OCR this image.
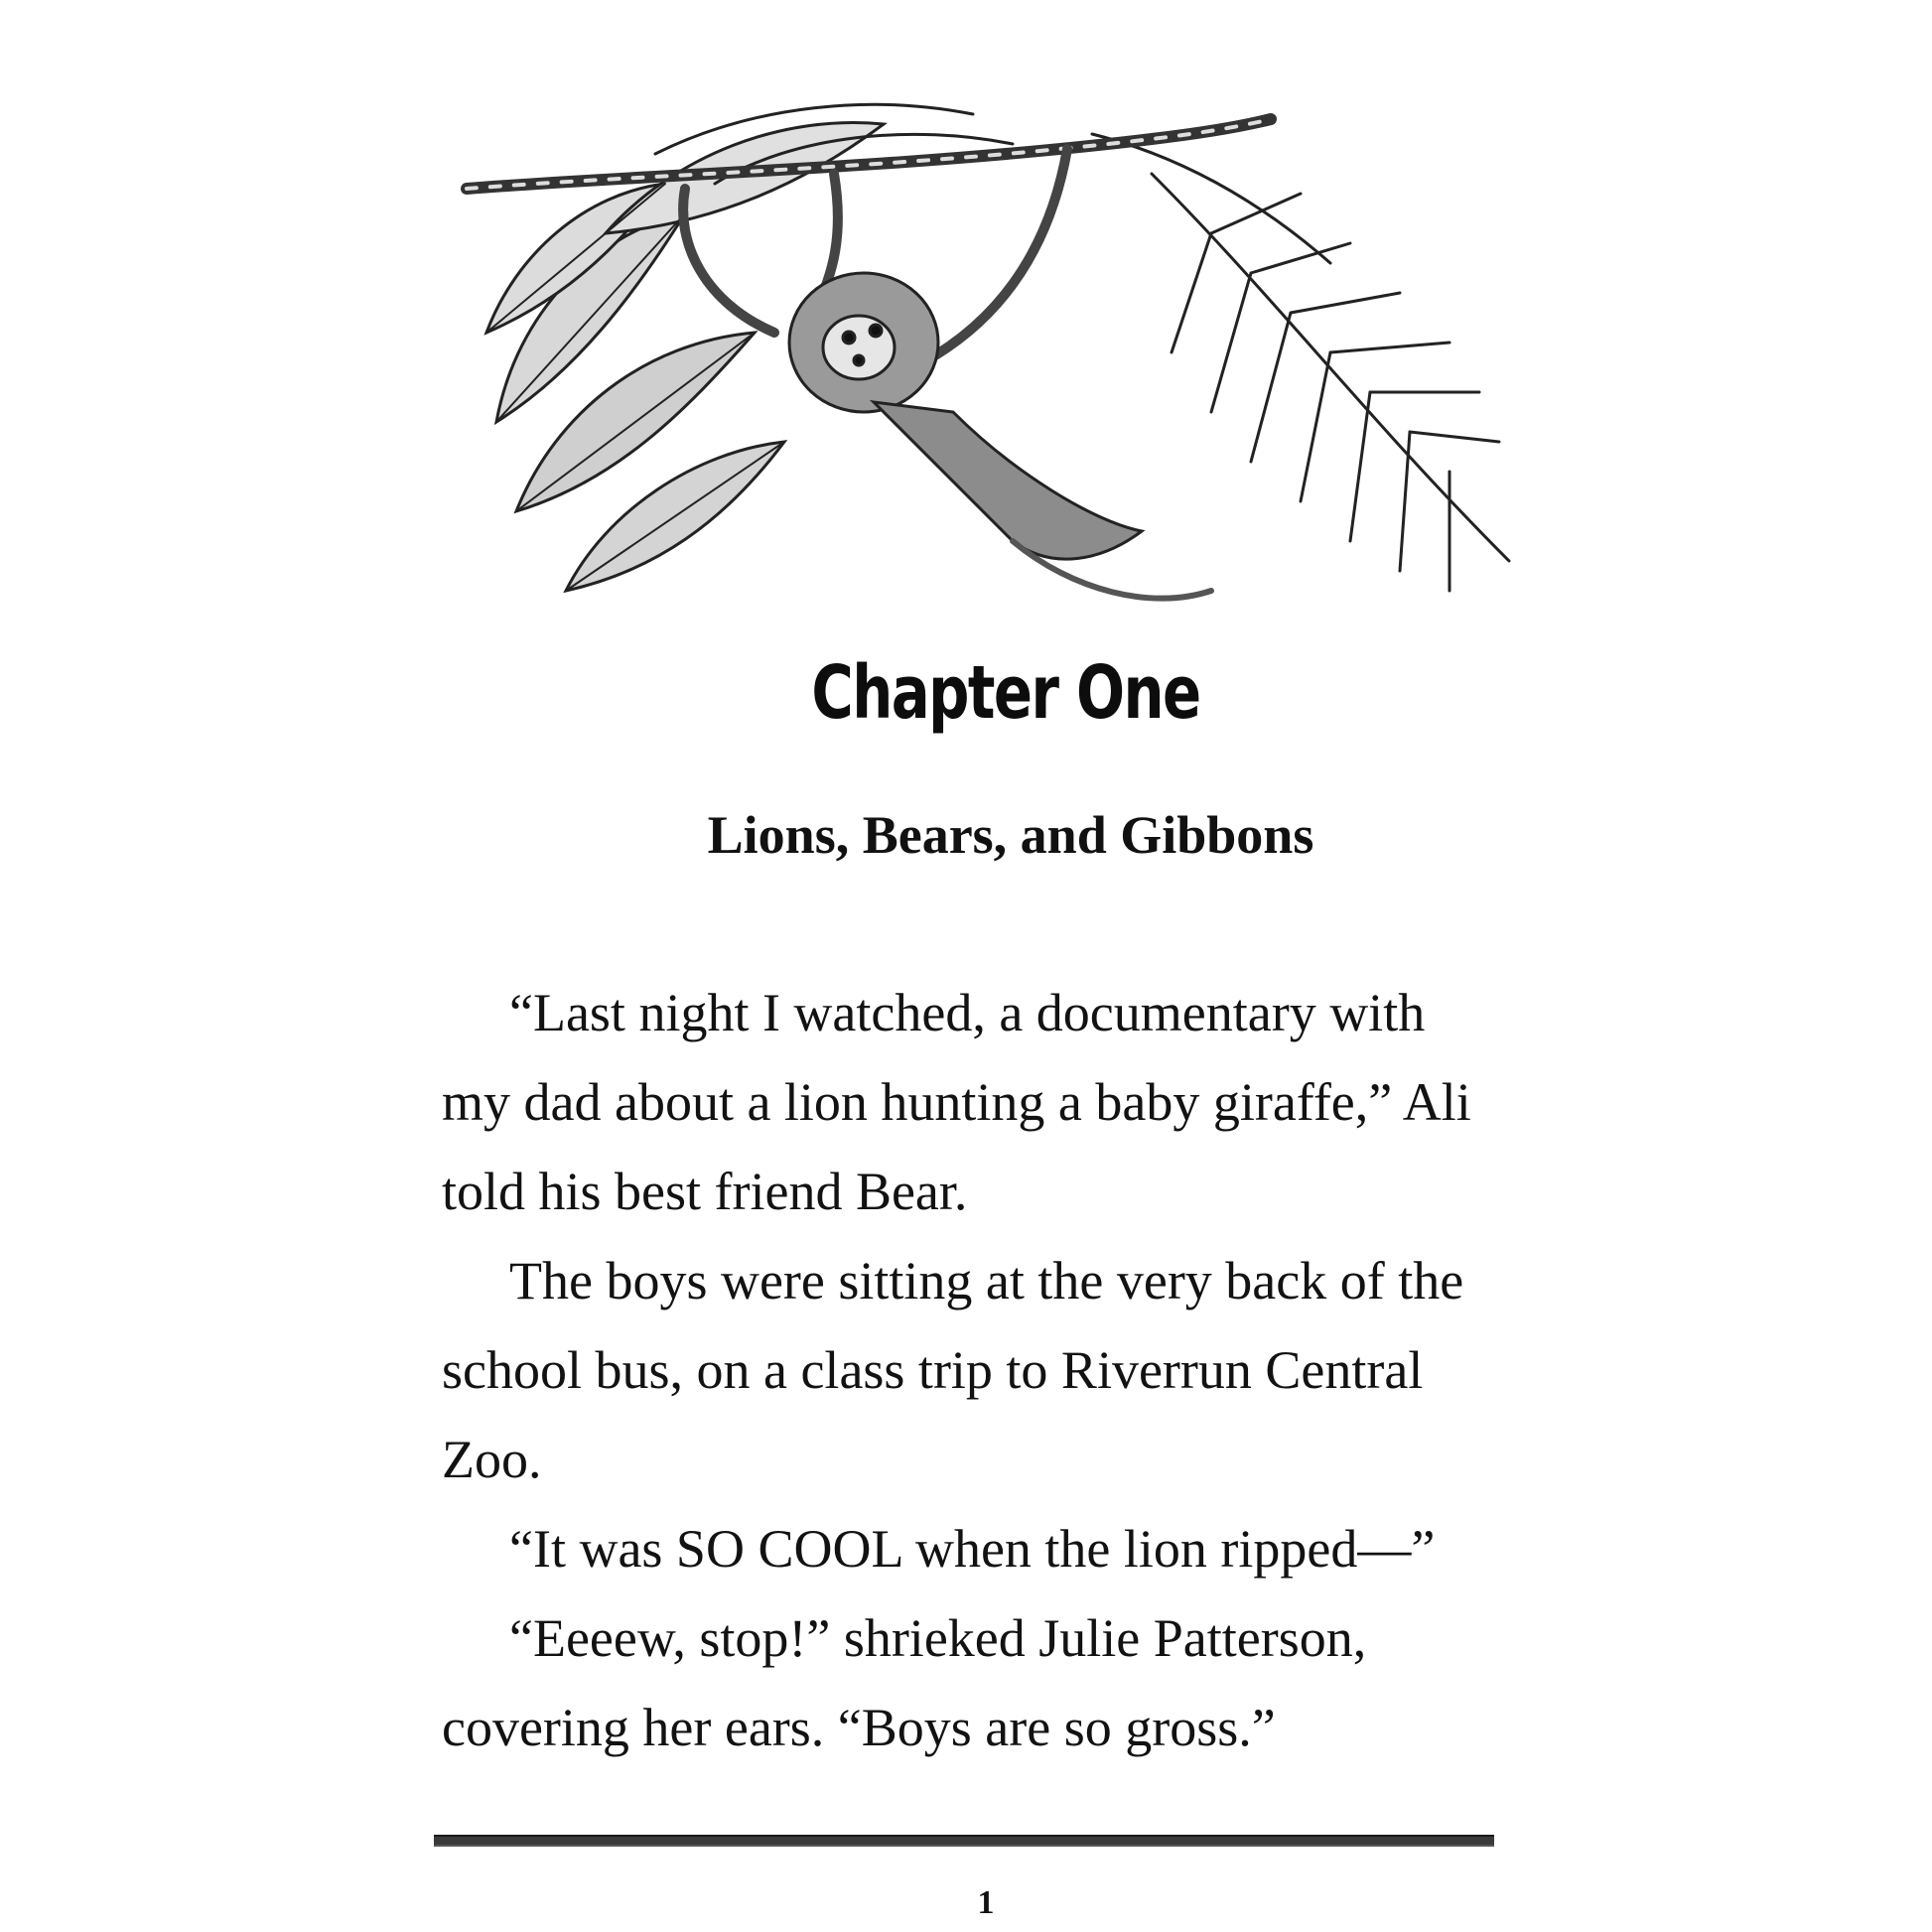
Chapter One
Lions, Bears, and Gibbons

“Last night I watched, a documentary with my dad about a lion hunting a baby giraffe,” Ali told his best friend Bear.

The boys were sitting at the very back of the school bus, on a class trip to Riverrun Central Zoo.

“It was SO COOL when the lion ripped—”

“Eeeew, stop!” shrieked Julie Patterson, covering her ears. “Boys are so gross.”

1
